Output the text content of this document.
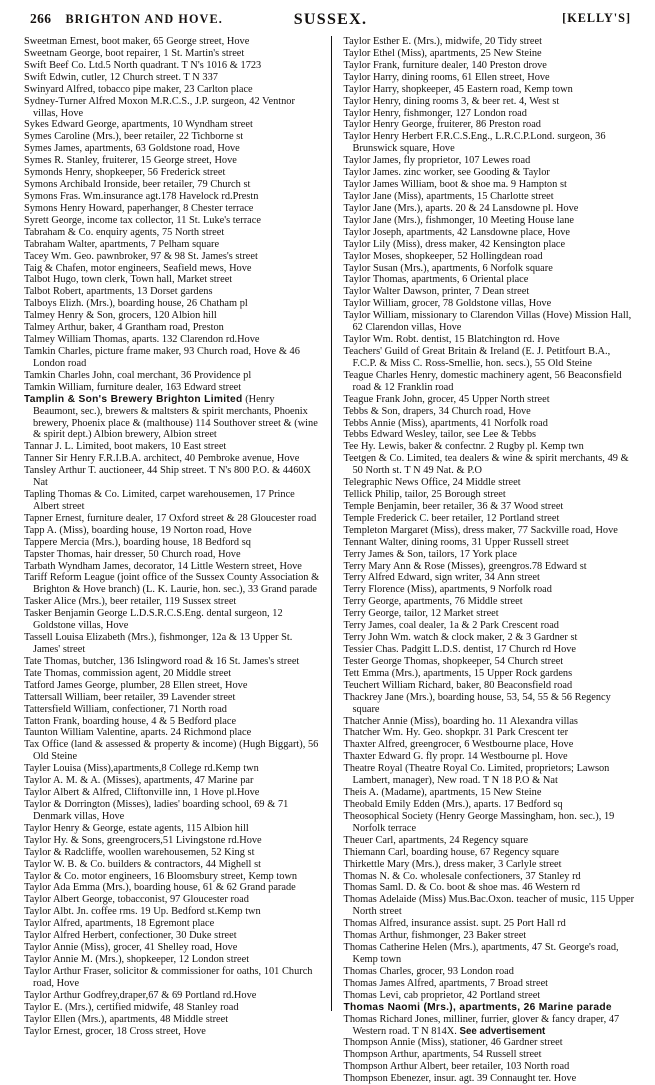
266 BRIGHTON AND HOVE.	SUSSEX.	[KELLY'S]

Sweetman Ernest, boot maker, 65 George street, Hove

Sweetnam George, boot repairer, 1 St. Martin's street

Swift Beef Co. Ltd.5 North quadrant. T N's 1016 & 1723

Swift Edwin, cutler, 12 Church street. T N 337

Swinyard Alfred, tobacco pipe maker, 23 Carlton place

Sydney-Turner Alfred Moxon M.R.C.S., J.P. surgeon, 42 Ventnor villas, Hove

Sykes Edward George, apartments, 10 Wyndham street

Symes Caroline (Mrs.), beer retailer, 22 Tichborne st

Symes James, apartments, 63 Goldstone road, Hove

Symes R. Stanley, fruiterer, 15 George street, Hove

Symonds Henry, shopkeeper, 56 Frederick street

Symons Archibald Ironside, beer retailer, 79 Church st

Symons Fras. Wm.insurance agt.178 Havelock rd.Prestn

Symons Henry Howard, paperhanger, 8 Chester terrace

Syrett George, income tax collector, 11 St. Luke's terrace

Tabraham & Co. enquiry agents, 75 North street

Tabraham Walter, apartments, 7 Pelham square

Tacey Wm. Geo. pawnbroker, 97 & 98 St. James's street

Taig & Chafen, motor engineers, Seafield mews, Hove

Talbot Hugo, town clerk, Town hall, Market street

Talbot Robert, apartments, 13 Dorset gardens

Talboys Elizh. (Mrs.), boarding house, 26 Chatham pl

Talmey Henry & Son, grocers, 120 Albion hill

Talmey Arthur, baker, 4 Grantham road, Preston

Talmey William Thomas, aparts. 132 Clarendon rd.Hove

Tamkin Charles, picture frame maker, 93 Church road, Hove & 46 London road

Tamkin Charles John, coal merchant, 36 Providence pl

Tamkin William, furniture dealer, 163 Edward street

Tamplin & Son's Brewery Brighton Limited (Henry Beaumont, sec.), brewers & maltsters & spirit merchants, Phoenix brewery, Phoenix place & (malthouse) 114 Southover street & (wine & spirit dept.) Albion brewery, Albion street

Tannar J. L. Limited, boot makers, 10 East street

Tanner Sir Henry F.R.I.B.A. architect, 40 Pembroke avenue, Hove

Tansley Arthur T. auctioneer, 44 Ship street. T N's 800 P.O. & 4460X Nat

Tapling Thomas & Co. Limited, carpet warehousemen, 17 Prince Albert street

Tapner Ernest, furniture dealer, 17 Oxford street & 28 Gloucester road

Tapp A. (Miss), boarding house, 19 Norton road, Hove

Tappere Mercia (Mrs.), boarding house, 18 Bedford sq

Tapster Thomas, hair dresser, 50 Church road, Hove

Tarbath Wyndham James, decorator, 14 Little Western street, Hove

Tariff Reform League (joint office of the Sussex County Association & Brighton & Hove branch) (L. K. Laurie, hon. sec.), 33 Grand parade

Tasker Alice (Mrs.), beer retailer, 119 Sussex street

Tasker Benjamin George L.D.S.R.C.S.Eng. dental surgeon, 12 Goldstone villas, Hove

Tassell Louisa Elizabeth (Mrs.), fishmonger, 12a & 13 Upper St. James' street

Tate Thomas, butcher, 136 Islingword road & 16 St. James's street

Tate Thomas, commission agent, 20 Middle street

Tatford James George, plumber, 28 Ellen street, Hove

Tattersall William, beer retailer, 39 Lavender street

Tattersfield William, confectioner, 71 North road

Tatton Frank, boarding house, 4 & 5 Bedford place

Taunton William Valentine, aparts. 24 Richmond place

Tax Office (land & assessed & property & income) (Hugh Biggart), 56 Old Steine

Tayler Louisa (Miss),apartments,8 College rd.Kemp twn

Taylor A. M. & A. (Misses), apartments, 47 Marine par

Taylor Albert & Alfred, Cliftonville inn, 1 Hove pl.Hove

Taylor & Dorrington (Misses), ladies' boarding school, 69 & 71 Denmark villas, Hove

Taylor Henry & George, estate agents, 115 Albion hill

Taylor Hy. & Sons, greengrocers,51 Livingstone rd.Hove

Taylor & Radcliffe, woollen warehousemen, 52 King st

Taylor W. B. & Co. builders & contractors, 44 Mighell st

Taylor & Co. motor engineers, 16 Bloomsbury street, Kemp town

Taylor Ada Emma (Mrs.), boarding house, 61 & 62 Grand parade

Taylor Albert George, tobacconist, 97 Gloucester road

Taylor Albt. Jn. coffee rms. 19 Up. Bedford st.Kemp twn

Taylor Alfred, apartments, 18 Egremont place

Taylor Alfred Herbert, confectioner, 30 Duke street

Taylor Annie (Miss), grocer, 41 Shelley road, Hove

Taylor Annie M. (Mrs.), shopkeeper, 12 London street

Taylor Arthur Fraser, solicitor & commissioner for oaths, 101 Church road, Hove

Taylor Arthur Godfrey,draper,67 & 69 Portland rd.Hove

Taylor E. (Mrs.), certified midwife, 48 Stanley road

Taylor Ellen (Mrs.), apartments, 48 Middle street

Taylor Ernest, grocer, 18 Cross street, Hove

Taylor Esther E. (Mrs.), midwife, 20 Tidy street

Taylor Ethel (Miss), apartments, 25 New Steine

Taylor Frank, furniture dealer, 140 Preston drove

Taylor Harry, dining rooms, 61 Ellen street, Hove

Taylor Harry, shopkeeper, 45 Eastern road, Kemp town

Taylor Henry, dining rooms 3, & beer ret. 4, West st

Taylor Henry, fishmonger, 127 London road

Taylor Henry George, fruiterer, 86 Preston road

Taylor Henry Herbert F.R.C.S.Eng., L.R.C.P.Lond. surgeon, 36 Brunswick square, Hove

Taylor James, fly proprietor, 107 Lewes road

Taylor James. zinc worker, see Gooding & Taylor

Taylor James William, boot & shoe ma. 9 Hampton st

Taylor Jane (Miss), apartments, 15 Charlotte street

Taylor Jane (Mrs.), aparts. 20 & 24 Lansdowne pl. Hove

Taylor Jane (Mrs.), fishmonger, 10 Meeting House lane

Taylor Joseph, apartments, 42 Lansdowne place, Hove

Taylor Lily (Miss), dress maker, 42 Kensington place

Taylor Moses, shopkeeper, 52 Hollingdean road

Taylor Susan (Mrs.), apartments, 6 Norfolk square

Taylor Thomas, apartments, 6 Oriental place

Taylor Walter Dawson, printer, 7 Dean street

Taylor William, grocer, 78 Goldstone villas, Hove

Taylor William, missionary to Clarendon Villas (Hove) Mission Hall, 62 Clarendon villas, Hove

Taylor Wm. Robt. dentist, 15 Blatchington rd. Hove

Teachers' Guild of Great Britain & Ireland (E. J. Petitfourt B.A., F.C.P. & Miss C. Ross-Smellie, hon. secs.), 55 Old Steine

Teague Charles Henry, domestic machinery agent, 56 Beaconsfield road & 12 Franklin road

Teague Frank John, grocer, 45 Upper North street

Tebbs & Son, drapers, 34 Church road, Hove

Tebbs Annie (Miss), apartments, 41 Norfolk road

Tebbs Edward Wesley, tailor, see Lee & Tebbs

Tee Hy. Lewis, baker & confectnr. 2 Rugby pl. Kemp twn

Teetgen & Co. Limited, tea dealers & wine & spirit merchants, 49 & 50 North st. T N 49 Nat. & P.O

Telegraphic News Office, 24 Middle street

Tellick Philip, tailor, 25 Borough street

Temple Benjamin, beer retailer, 36 & 37 Wood street

Temple Frederick C. beer retailer, 12 Portland street

Templeton Margaret (Miss), dress maker, 77 Sackville road, Hove

Tennant Walter, dining rooms, 31 Upper Russell street

Terry James & Son, tailors, 17 York place

Terry Mary Ann & Rose (Misses), greengros.78 Edward st

Terry Alfred Edward, sign writer, 34 Ann street

Terry Florence (Miss), apartments, 9 Norfolk road

Terry George, apartments, 76 Middle street

Terry George, tailor, 12 Market street

Terry James, coal dealer, 1a & 2 Park Crescent road

Terry John Wm. watch & clock maker, 2 & 3 Gardner st

Tessier Chas. Padgitt L.D.S. dentist, 17 Church rd Hove

Tester George Thomas, shopkeeper, 54 Church street

Tett Emma (Mrs.), apartments, 15 Upper Rock gardens

Teuchert William Richard, baker, 80 Beaconsfield road

Thackrey Jane (Mrs.), boarding house, 53, 54, 55 & 56 Regency square

Thatcher Annie (Miss), boarding ho. 11 Alexandra villas

Thatcher Wm. Hy. Geo. shopkpr. 31 Park Crescent ter

Thaxter Alfred, greengrocer, 6 Westbourne place, Hove

Thaxter Edward G. fly propr. 14 Westbourne pl. Hove

Theatre Royal (Theatre Royal Co. Limited, proprietors; Lawson Lambert, manager), New road. T N 18 P.O & Nat

Theis A. (Madame), apartments, 15 New Steine

Theobald Emily Edden (Mrs.), aparts. 17 Bedford sq

Theosophical Society (Henry George Massingham, hon. sec.), 19 Norfolk terrace

Theuer Carl, apartments, 24 Regency square

Thiemann Carl, boarding house, 67 Regency square

Thirkettle Mary (Mrs.), dress maker, 3 Carlyle street

Thomas N. & Co. wholesale confectioners, 37 Stanley rd

Thomas Saml. D. & Co. boot & shoe mas. 46 Western rd

Thomas Adelaide (Miss) Mus.Bac.Oxon. teacher of music, 115 Upper North street

Thomas Alfred, insurance assist. supt. 25 Port Hall rd

Thomas Arthur, fishmonger, 23 Baker street

Thomas Catherine Helen (Mrs.), apartments, 47 St. George's road, Kemp town

Thomas Charles, grocer, 93 London road

Thomas James Alfred, apartments, 7 Broad street

Thomas Levi, cab proprietor, 42 Portland street

Thomas Naomi (Mrs.), apartments, 26 Marine parade

Thomas Richard Jones, milliner, furrier, glover & fancy draper, 47 Western road. T N 814X. See advertisement

Thompson Annie (Miss), stationer, 46 Gardner street

Thompson Arthur, apartments, 54 Russell street

Thompson Arthur Albert, beer retailer, 103 North road

Thompson Ebenezer, insur. agt. 39 Connaught ter. Hove
